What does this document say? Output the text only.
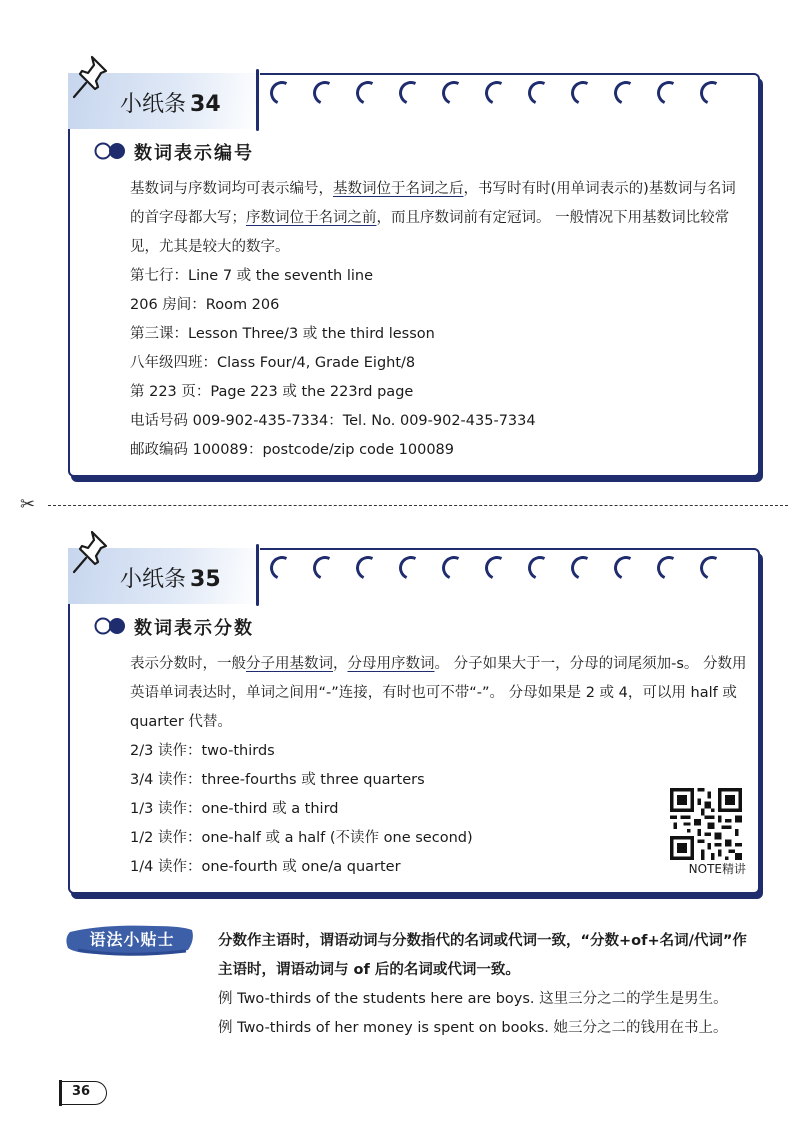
小纸条 34
数词表示编号

基数词与序数词均可表示编号，基数词位于名词之后，书写时有时(用单词表示的)基数词与名词的首字母都大写；序数词位于名词之前，而且序数词前有定冠词。 一般情况下用基数词比较常见，尤其是较大的数字。

第七行：Line 7 或 the seventh line

206 房间：Room 206

第三课：Lesson Three/3 或 the third lesson

八年级四班：Class Four/4, Grade Eight/8

第 223 页：Page 223 或 the 223rd page

电话号码 009-902-435-7334：Tel. No. 009-902-435-7334

邮政编码 100089：postcode/zip code 100089

✂
小纸条 35
数词表示分数

表示分数时，一般分子用基数词，分母用序数词。 分子如果大于一，分母的词尾须加-s。 分数用英语单词表达时，单词之间用“-”连接，有时也可不带“-”。 分母如果是 2 或 4，可以用 half 或 quarter 代替。

2/3 读作：two-thirds

3/4 读作：three-fourths 或 three quarters

1/3 读作：one-third 或 a third

1/2 读作：one-half 或 a half (不读作 one second)

1/4 读作：one-fourth 或 one/a quarter	NOTE精讲
语法小贴士	分数作主语时，谓语动词与分数指代的名词或代词一致，“分数+of+名词/代词”作主语时，谓语动词与 of 后的名词或代词一致。

例 Two-thirds of the students here are boys. 这里三分之二的学生是男生。

例 Two-thirds of her money is spent on books. 她三分之二的钱用在书上。

36
